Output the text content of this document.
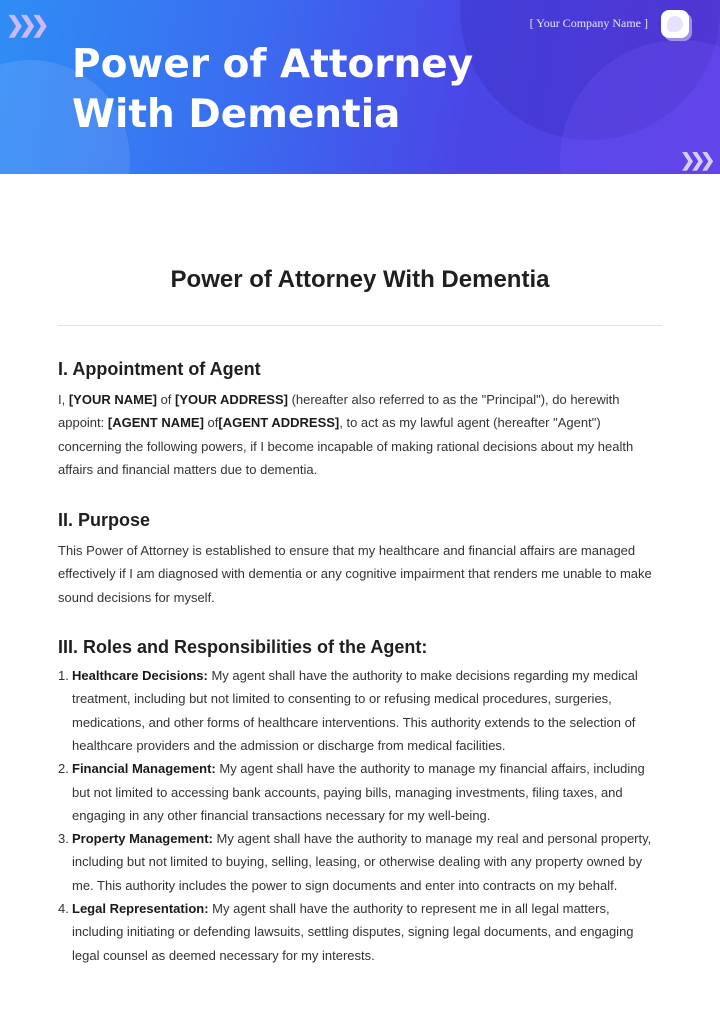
❯❯❯
❯❯❯
Power of Attorney With Dementia
[ Your Company Name ]
Power of Attorney With Dementia
I. Appointment of Agent

I, [YOUR NAME] of [YOUR ADDRESS] (hereafter also referred to as the "Principal"), do herewith appoint: [AGENT NAME] of[AGENT ADDRESS], to act as my lawful agent (hereafter "Agent") concerning the following powers, if I become incapable of making rational decisions about my health affairs and financial matters due to dementia.

II. Purpose

This Power of Attorney is established to ensure that my healthcare and financial affairs are managed effectively if I am diagnosed with dementia or any cognitive impairment that renders me unable to make sound decisions for myself.

III. Roles and Responsibilities of the Agent:
1. Healthcare Decisions: My agent shall have the authority to make decisions regarding my medical treatment, including but not limited to consenting to or refusing medical procedures, surgeries, medications, and other forms of healthcare interventions. This authority extends to the selection of healthcare providers and the admission or discharge from medical facilities.
2. Financial Management: My agent shall have the authority to manage my financial affairs, including but not limited to accessing bank accounts, paying bills, managing investments, filing taxes, and engaging in any other financial transactions necessary for my well-being.
3. Property Management: My agent shall have the authority to manage my real and personal property, including but not limited to buying, selling, leasing, or otherwise dealing with any property owned by me. This authority includes the power to sign documents and enter into contracts on my behalf.
4. Legal Representation: My agent shall have the authority to represent me in all legal matters, including initiating or defending lawsuits, settling disputes, signing legal documents, and engaging legal counsel as deemed necessary for my interests.
